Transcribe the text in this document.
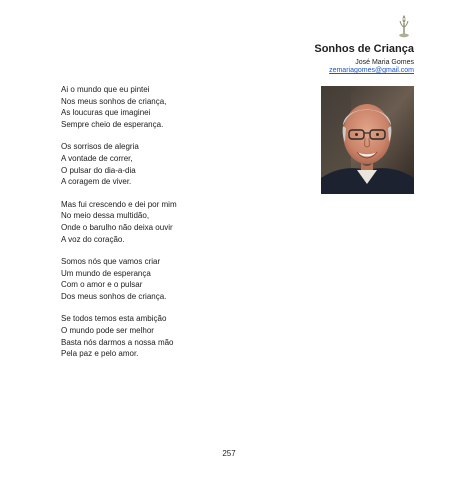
Sonhos de Criança
José Maria Gomes
zemariagomes@gmail.com
Ai o mundo que eu pintei
Nos meus sonhos de criança,
As loucuras que imaginei
Sempre cheio de esperança.
Os sorrisos de alegria
A vontade de correr,
O pulsar do dia-a-dia
A coragem de viver.
Mas fui crescendo e dei por mim
No meio dessa multidão,
Onde o barulho não deixa ouvir
A voz do coração.
Somos nós que vamos criar
Um mundo de esperança
Com o amor e o pulsar
Dos meus sonhos de criança.
Se todos temos esta ambição
O mundo pode ser melhor
Basta nós darmos a nossa mão
Pela paz e pelo amor.
257
